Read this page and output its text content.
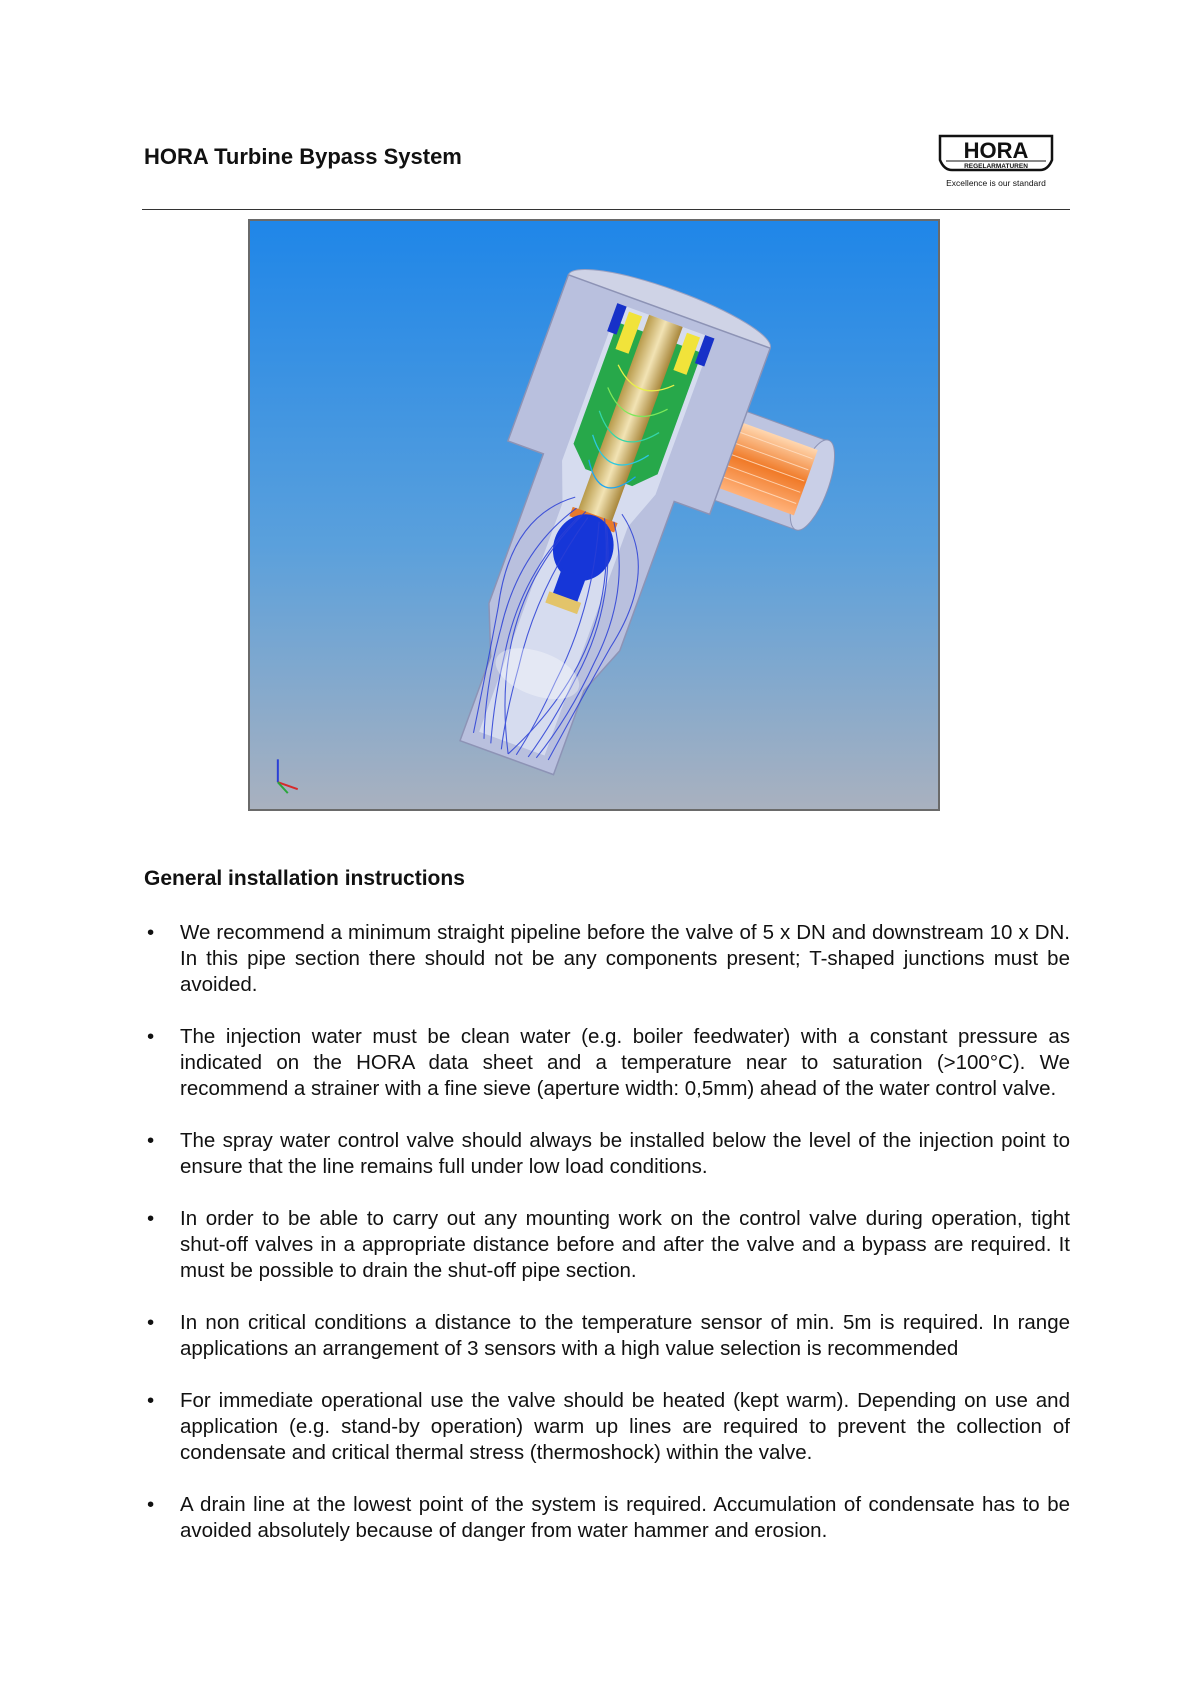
HORA Turbine Bypass System	HORA
REGELARMATUREN
Excellence is our standard
General installation instructions
• We recommend a minimum straight pipeline before the valve of 5 x DN and downstream 10 x DN. In this pipe section there should not be any components present; T-shaped junctions must be avoided.
• The injection water must be clean water (e.g. boiler feedwater) with a constant pressure as indicated on the HORA data sheet and a temperature near to saturation (>100°C). We recommend a strainer with a fine sieve (aperture width: 0,5mm) ahead of the water control valve.
• The spray water control valve should always be installed below the level of the injection point to ensure that the line remains full under low load conditions.
• In order to be able to carry out any mounting work on the control valve during operation, tight shut-off valves in a appropriate distance before and after the valve and a bypass are required. It must be possible to drain the shut-off pipe section.
• In non critical conditions a distance to the temperature sensor of min. 5m is required. In range applications an arrangement of 3 sensors with a high value selection is recommended
• For immediate operational use the valve should be heated (kept warm). Depending on use and application (e.g. stand-by operation) warm up lines are required to prevent the collection of condensate and critical thermal stress (thermoshock) within the valve.
• A drain line at the lowest point of the system is required. Accumulation of condensate has to be avoided absolutely because of danger from water hammer and erosion.
